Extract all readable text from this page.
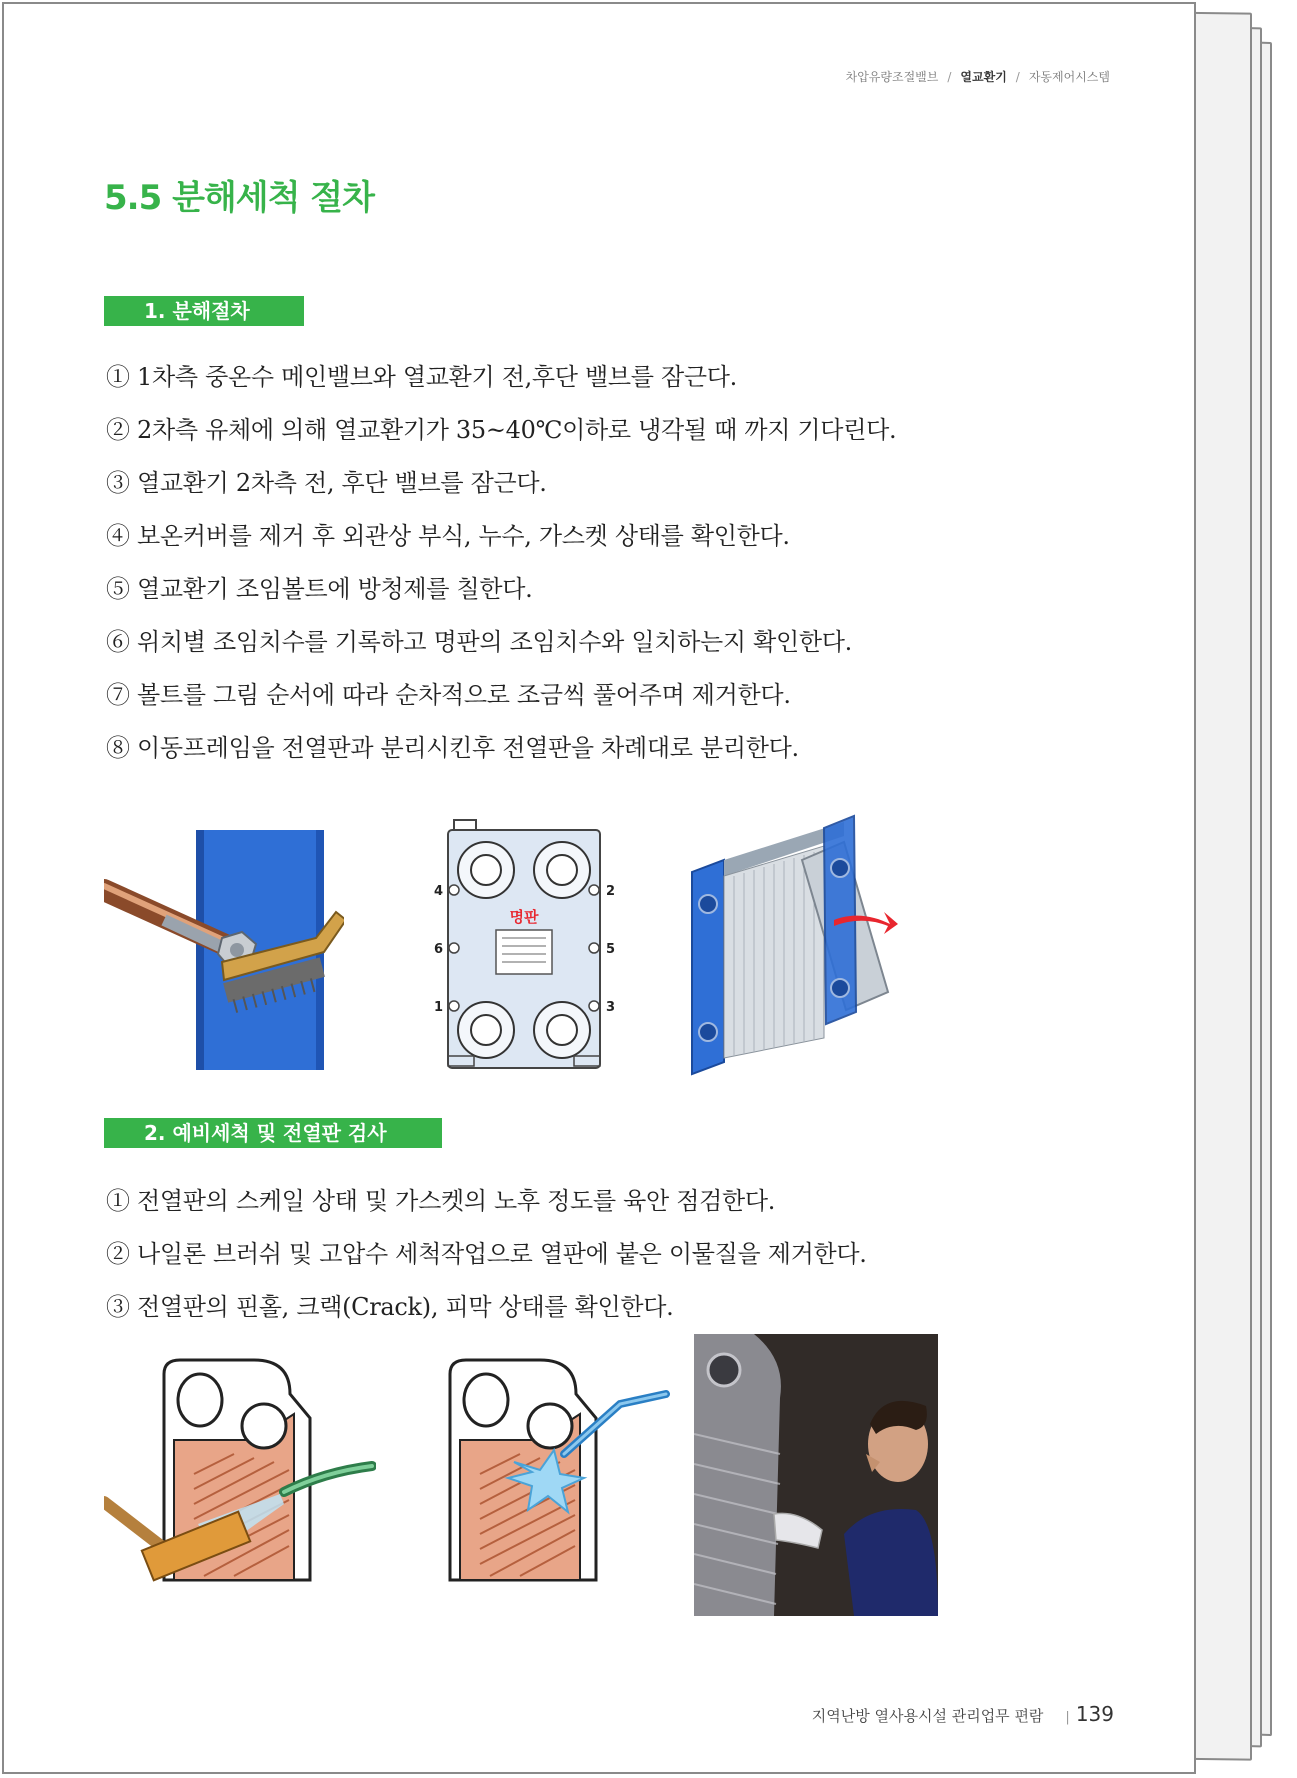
차압유량조절밸브 / 열교환기 / 자동제어시스템
5.5 분해세척 절차
1. 분해절차
① 1차측 중온수 메인밸브와 열교환기 전,후단 밸브를 잠근다.
② 2차측 유체에 의해 열교환기가 35~40℃이하로 냉각될 때 까지 기다린다.
③ 열교환기 2차측 전, 후단 밸브를 잠근다.
④ 보온커버를 제거 후 외관상 부식, 누수, 가스켓 상태를 확인한다.
⑤ 열교환기 조임볼트에 방청제를 칠한다.
⑥ 위치별 조임치수를 기록하고 명판의 조임치수와 일치하는지 확인한다.
⑦ 볼트를 그림 순서에 따라 순차적으로 조금씩 풀어주며 제거한다.
⑧ 이동프레임을 전열판과 분리시킨후 전열판을 차례대로 분리한다.
명판
4	2
6	5
1	3
2. 예비세척 및 전열판 검사
① 전열판의 스케일 상태 및 가스켓의 노후 정도를 육안 점검한다.
② 나일론 브러쉬 및 고압수 세척작업으로 열판에 붙은 이물질을 제거한다.
③ 전열판의 핀홀, 크랙(Crack), 피막 상태를 확인한다.
지역난방 열사용시설 관리업무 편람 | 139
